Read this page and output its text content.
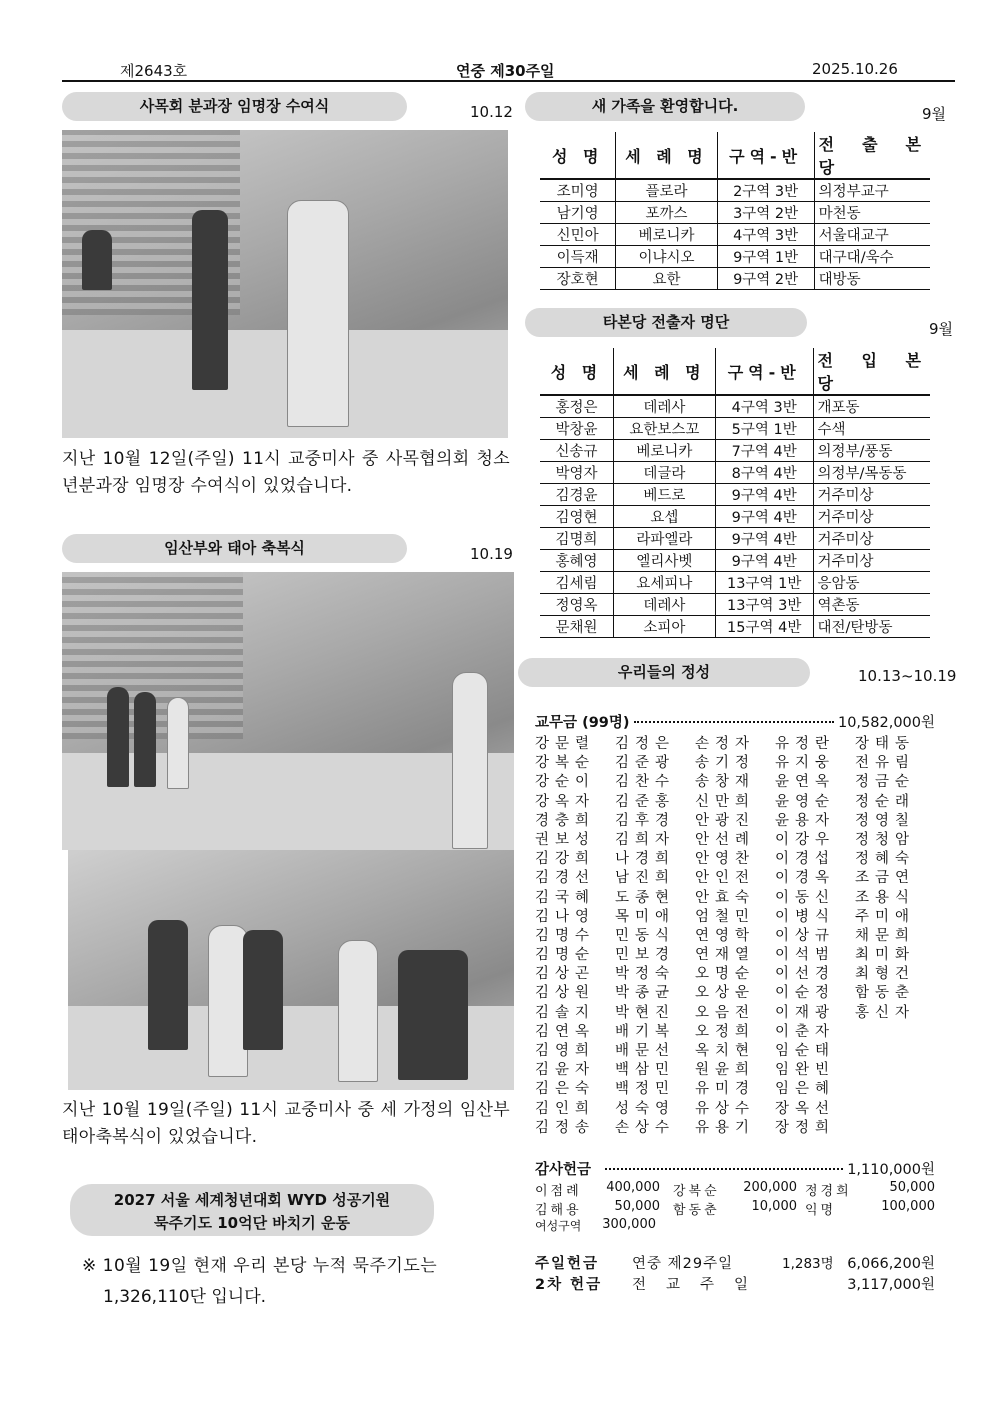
제2643호	연중 제30주일	2025.10.26
사목회 분과장 임명장 수여식	10.12
지난 10월 12일(주일) 11시 교중미사 중 사목협의회 청소년분과장 임명장 수여식이 있었습니다.
임산부와 태아 축복식	10.19
지난 10월 19일(주일) 11시 교중미사 중 세 가정의 임산부 태아축복식이 있었습니다.
2027 서울 세계청년대회 WYD 성공기원
묵주기도 10억단 바치기 운동
※ 10월 19일 현재 우리 본당 누적 묵주기도는
1,326,110단 입니다.
새 가족을 환영합니다.	9월
성 명	세 례 명	구역-반	전 출 본 당
조미영	플로라	2구역 3반	의정부교구
남기영	포까스	3구역 2반	마천동
신민아	베로니카	4구역 3반	서울대교구
이득재	이냐시오	9구역 1반	대구대/욱수
장호현	요한	9구역 2반	대방동
타본당 전출자 명단	9월
성 명	세 례 명	구역-반	전 입 본 당
홍정은	데레사	4구역 3반	개포동
박창윤	요한보스꼬	5구역 1반	수색
신송규	베로니카	7구역 4반	의정부/풍동
박영자	데글라	8구역 4반	의정부/목동동
김경윤	베드로	9구역 4반	거주미상
김영현	요셉	9구역 4반	거주미상
김명희	라파엘라	9구역 4반	거주미상
홍혜영	엘리사벳	9구역 4반	거주미상
김세림	요세피나	13구역 1반	응암동
정영옥	데레사	13구역 3반	역촌동
문채원	소피아	15구역 4반	대전/탄방동
우리들의 정성	10.13~10.19
교무금 (99명)	10,582,000원
강문렬	김정은	손정자	유정란	장태동
강복순	김준광	송기정	유지웅	전유림
강순이	김찬수	송창재	윤연옥	정금순
강옥자	김준홍	신만희	윤영순	정순래
경충희	김후경	안광진	윤용자	정영칠
권보성	김희자	안선례	이강우	정청암
김강희	나경희	안영찬	이경섭	정혜숙
김경선	남진희	안인전	이경옥	조금연
김국혜	도종현	안효숙	이동신	조용식
김나영	목미애	엄철민	이병식	주미애
김명수	민동식	연영학	이상규	채문희
김명순	민보경	연재열	이석범	최미화
김상곤	박정숙	오명순	이선경	최형건
김상원	박종균	오상운	이순정	함동춘
김솔지	박현진	오음전	이재광	홍신자
김연옥	배기복	오정희	이춘자
김영희	배문선	옥치현	임순태
김윤자	백삼민	원윤희	임완빈
김은숙	백정민	유미경	임은혜
김인희	성숙영	유상수	장옥선
김정송	손상수	유용기	장정희
감사헌금	1,110,000원
이점례	400,000 강복순	200,000 정경희	50,000
김해용	50,000 함동춘	10,000 익명	100,000
여성구역	300,000
주일헌금 연중 제29주일	1,283명 6,066,200원
2차 헌금 전교주일	3,117,000원
